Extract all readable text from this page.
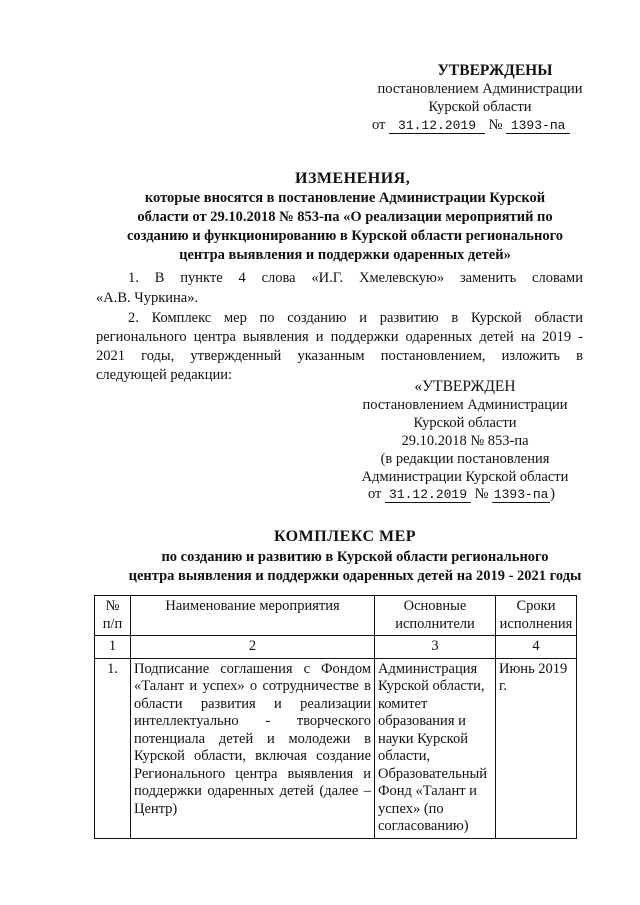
УТВЕРЖДЕНЫ
постановлением Администрации
Курской области
от 31.12.2019 № 1393-па
ИЗМЕНЕНИЯ,
которые вносятся в постановление Администрации Курской
области от 29.10.2018 № 853-па «О реализации мероприятий по
созданию и функционированию в Курской области регионального
центра выявления и поддержки одаренных детей»
1. В пункте 4 слова «И.Г. Хмелевскую» заменить словами
«А.В. Чуркина».
2. Комплекс мер по созданию и развитию в Курской области
регионального центра выявления и поддержки одаренных детей на 2019 -
2021 годы, утвержденный указанным постановлением, изложить в
следующей редакции:
«УТВЕРЖДЕН
постановлением Администрации
Курской области
29.10.2018 № 853-па
(в редакции постановления
Администрации Курской области
от 31.12.2019 № 1393-па )
КОМПЛЕКС МЕР
по созданию и развитию в Курской области регионального
центра выявления и поддержки одаренных детей на 2019 - 2021 годы
№ п/п	Наименование мероприятия	Основные исполнители	Сроки исполнения
1	2	3	4
1.	Подписание соглашения с Фондом «Талант и успех» о сотрудничестве в области развития и реализации интеллектуально - творческого потенциала детей и молодежи в Курской области, включая создание Регионального центра выявления и поддержки одаренных детей (далее – Центр)	Администрация Курской области, комитет образования и науки Курской области, Образовательный Фонд «Талант и успех» (по согласованию)	Июнь 2019 г.
